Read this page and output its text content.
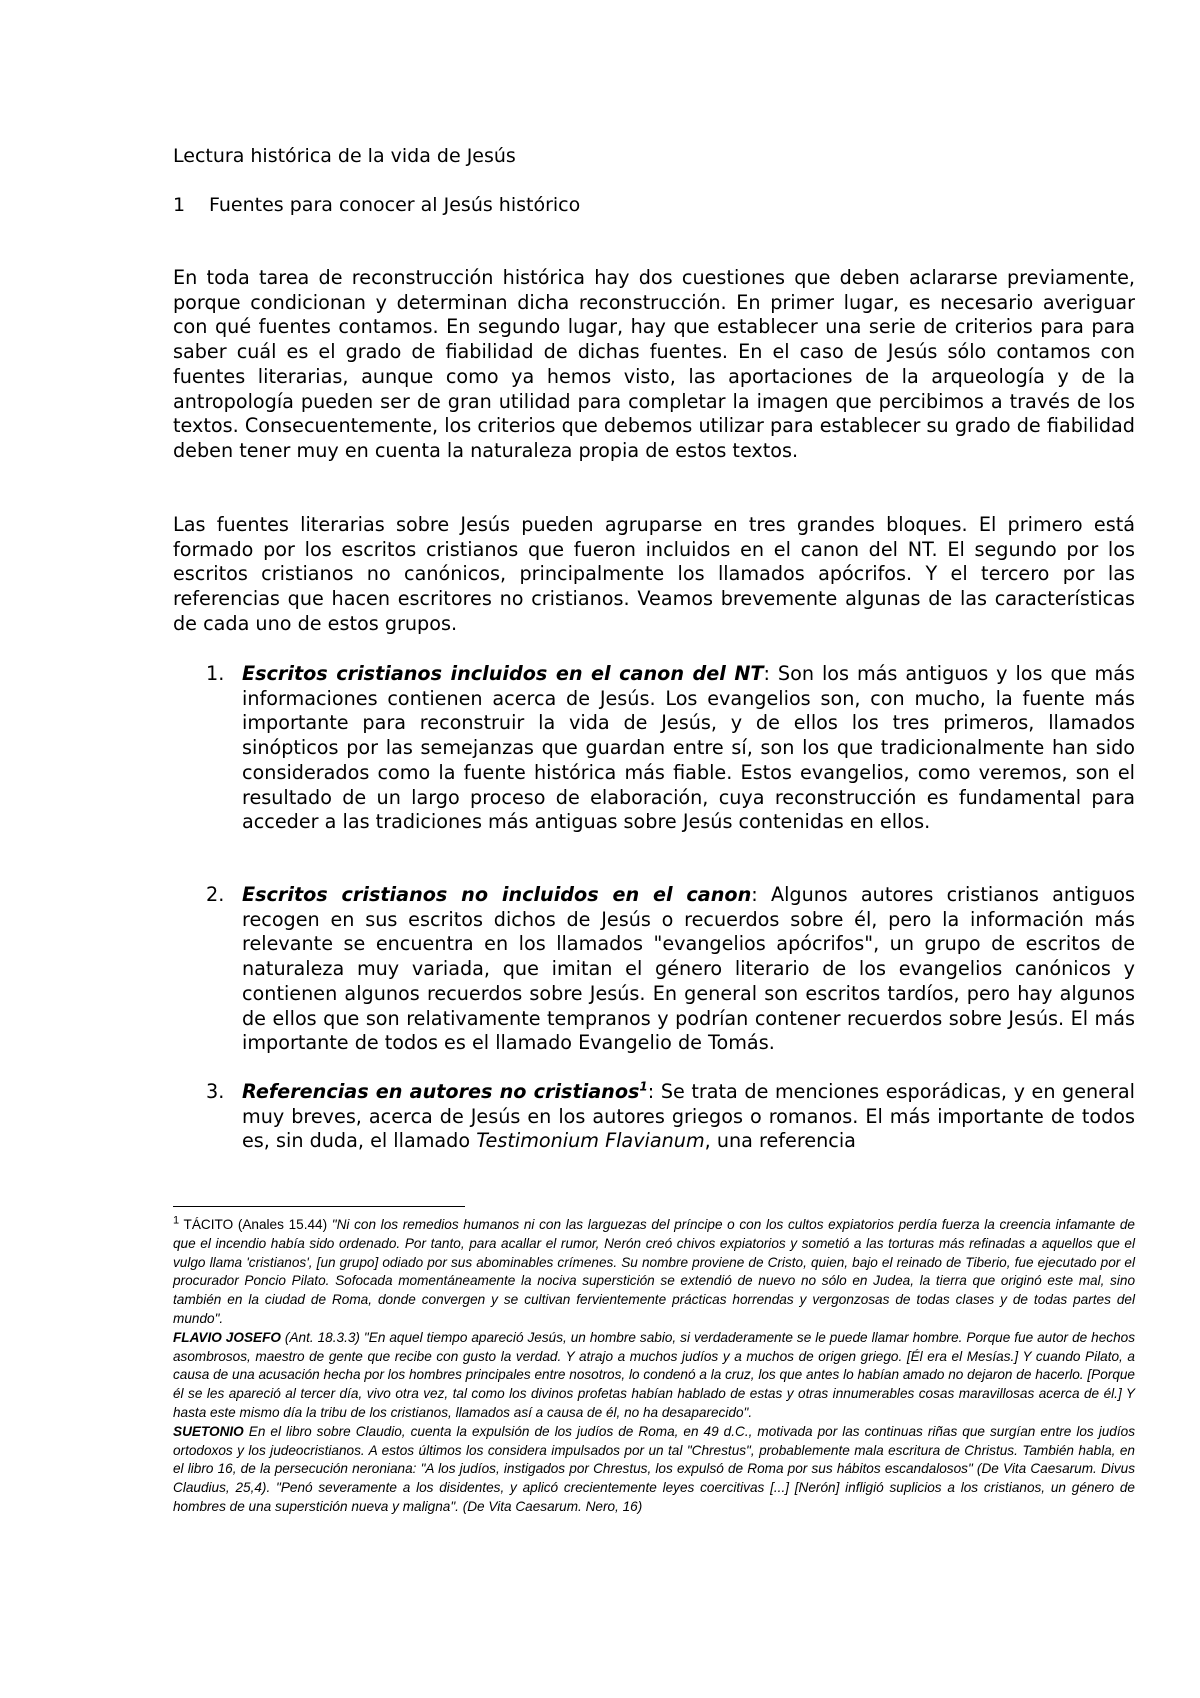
Lectura histórica de la vida de Jesús
1 Fuentes para conocer al Jesús histórico

En toda tarea de reconstrucción histórica hay dos cuestiones que deben aclararse previamente, porque condicionan y determinan dicha reconstrucción. En primer lugar, es necesario averiguar con qué fuentes contamos. En segundo lugar, hay que establecer una serie de criterios para para saber cuál es el grado de fiabilidad de dichas fuentes. En el caso de Jesús sólo contamos con fuentes literarias, aunque como ya hemos visto, las aportaciones de la arqueología y de la antropología pueden ser de gran utilidad para completar la imagen que percibimos a través de los textos. Consecuentemente, los criterios que debemos utilizar para establecer su grado de fiabilidad deben tener muy en cuenta la naturaleza propia de estos textos.

Las fuentes literarias sobre Jesús pueden agruparse en tres grandes bloques. El primero está formado por los escritos cristianos que fueron incluidos en el canon del NT. El segundo por los escritos cristianos no canónicos, principalmente los llamados apócrifos. Y el tercero por las referencias que hacen escritores no cristianos. Veamos brevemente algunas de las características de cada uno de estos grupos.

1. Escritos cristianos incluidos en el canon del NT: Son los más antiguos y los que más informaciones contienen acerca de Jesús. Los evangelios son, con mucho, la fuente más importante para reconstruir la vida de Jesús, y de ellos los tres primeros, llamados sinópticos por las semejanzas que guardan entre sí, son los que tradicionalmente han sido considerados como la fuente histórica más fiable. Estos evangelios, como veremos, son el resultado de un largo proceso de elaboración, cuya reconstrucción es fundamental para acceder a las tradiciones más antiguas sobre Jesús contenidas en ellos.
2. Escritos cristianos no incluidos en el canon: Algunos autores cristianos antiguos recogen en sus escritos dichos de Jesús o recuerdos sobre él, pero la información más relevante se encuentra en los llamados "evangelios apócrifos", un grupo de escritos de naturaleza muy variada, que imitan el género literario de los evangelios canónicos y contienen algunos recuerdos sobre Jesús. En general son escritos tardíos, pero hay algunos de ellos que son relativamente tempranos y podrían contener recuerdos sobre Jesús. El más importante de todos es el llamado Evangelio de Tomás.
3. Referencias en autores no cristianos$^1$: Se trata de menciones esporádicas, y en general muy breves, acerca de Jesús en los autores griegos o romanos. El más importante de todos es, sin duda, el llamado Testimonium Flavianum, una referencia

$^1$ TÁCITO (Anales 15.44) "Ni con los remedios humanos ni con las larguezas del príncipe o con los cultos expiatorios perdía fuerza la creencia infamante de que el incendio había sido ordenado. Por tanto, para acallar el rumor, Nerón creó chivos expiatorios y sometió a las torturas más refinadas a aquellos que el vulgo llama 'cristianos', [un grupo] odiado por sus abominables crímenes. Su nombre proviene de Cristo, quien, bajo el reinado de Tiberio, fue ejecutado por el procurador Poncio Pilato. Sofocada momentáneamente la nociva superstición se extendió de nuevo no sólo en Judea, la tierra que originó este mal, sino también en la ciudad de Roma, donde convergen y se cultivan fervientemente prácticas horrendas y vergonzosas de todas clases y de todas partes del mundo".

FLAVIO JOSEFO (Ant. 18.3.3) "En aquel tiempo apareció Jesús, un hombre sabio, si verdaderamente se le puede llamar hombre. Porque fue autor de hechos asombrosos, maestro de gente que recibe con gusto la verdad. Y atrajo a muchos judíos y a muchos de origen griego. [Él era el Mesías.] Y cuando Pilato, a causa de una acusación hecha por los hombres principales entre nosotros, lo condenó a la cruz, los que antes lo habían amado no dejaron de hacerlo. [Porque él se les apareció al tercer día, vivo otra vez, tal como los divinos profetas habían hablado de estas y otras innumerables cosas maravillosas acerca de él.] Y hasta este mismo día la tribu de los cristianos, llamados así a causa de él, no ha desaparecido".

SUETONIO En el libro sobre Claudio, cuenta la expulsión de los judíos de Roma, en 49 d.C., motivada por las continuas riñas que surgían entre los judíos ortodoxos y los judeocristianos. A estos últimos los considera impulsados por un tal "Chrestus", probablemente mala escritura de Christus. También habla, en el libro 16, de la persecución neroniana: "A los judíos, instigados por Chrestus, los expulsó de Roma por sus hábitos escandalosos" (De Vita Caesarum. Divus Claudius, 25,4). "Penó severamente a los disidentes, y aplicó crecientemente leyes coercitivas [...] [Nerón] infligió suplicios a los cristianos, un género de hombres de una superstición nueva y maligna". (De Vita Caesarum. Nero, 16)
